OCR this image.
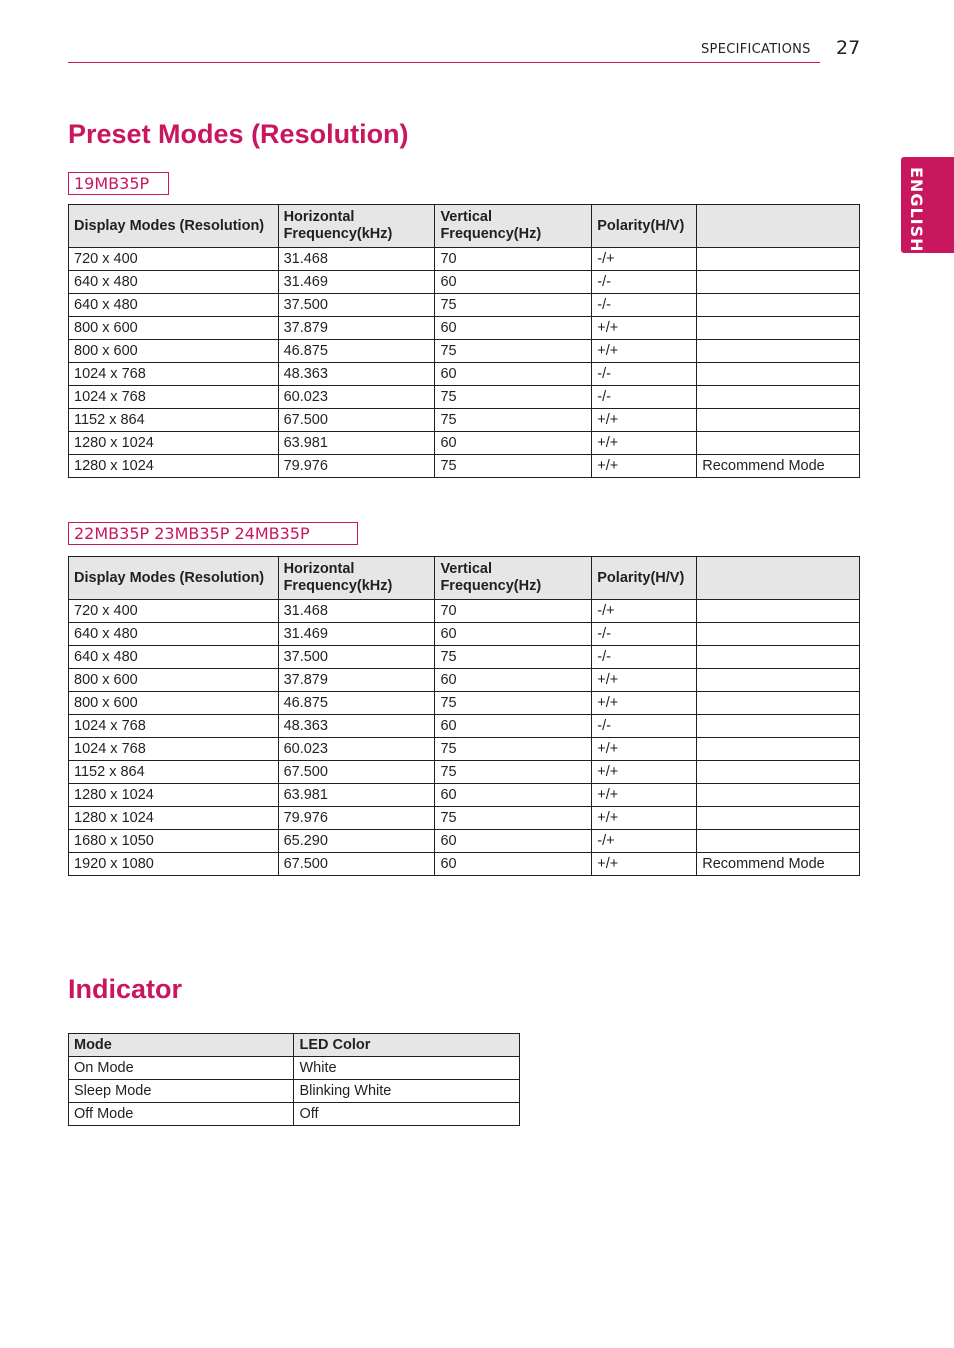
SPECIFICATIONS 27
ENGLISH
Preset Modes (Resolution)
19MB35P
Display Modes (Resolution)	Horizontal Frequency(kHz)	Vertical Frequency(Hz)	Polarity(H/V)	
720 x 400	31.468	70	-/+	
640 x 480	31.469	60	-/-	
640 x 480	37.500	75	-/-	
800 x 600	37.879	60	+/+	
800 x 600	46.875	75	+/+	
1024 x 768	48.363	60	-/-	
1024 x 768	60.023	75	-/-	
1152 x 864	67.500	75	+/+	
1280 x 1024	63.981	60	+/+	
1280 x 1024	79.976	75	+/+	Recommend Mode
22MB35P 23MB35P 24MB35P
Display Modes (Resolution)	Horizontal Frequency(kHz)	Vertical Frequency(Hz)	Polarity(H/V)	
720 x 400	31.468	70	-/+	
640 x 480	31.469	60	-/-	
640 x 480	37.500	75	-/-	
800 x 600	37.879	60	+/+	
800 x 600	46.875	75	+/+	
1024 x 768	48.363	60	-/-	
1024 x 768	60.023	75	+/+	
1152 x 864	67.500	75	+/+	
1280 x 1024	63.981	60	+/+	
1280 x 1024	79.976	75	+/+	
1680 x 1050	65.290	60	-/+	
1920 x 1080	67.500	60	+/+	Recommend Mode
Indicator
Mode	LED Color
On Mode	White
Sleep Mode	Blinking White
Off Mode	Off
